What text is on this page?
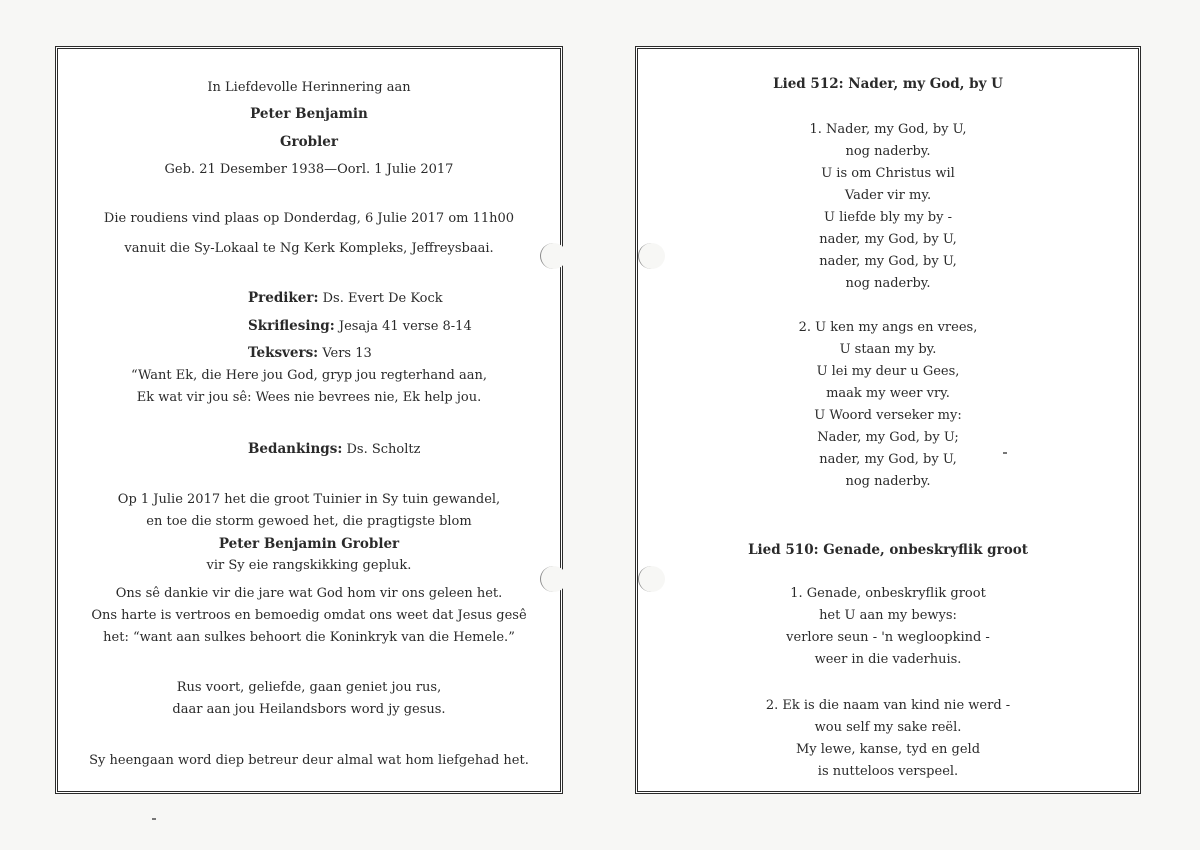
In Liefdevolle Herinnering aan
Peter Benjamin
Grobler
Geb. 21 Desember 1938—Oorl. 1 Julie 2017
Die roudiens vind plaas op Donderdag, 6 Julie 2017 om 11h00
vanuit die Sy-Lokaal te Ng Kerk Kompleks, Jeffreysbaai.
Prediker: Ds. Evert De Kock
Skriflesing: Jesaja 41 verse 8-14
Teksvers: Vers 13
“Want Ek, die Here jou God, gryp jou regterhand aan,
Ek wat vir jou sê: Wees nie bevrees nie, Ek help jou.
Bedankings: Ds. Scholtz
Op 1 Julie 2017 het die groot Tuinier in Sy tuin gewandel,
en toe die storm gewoed het, die pragtigste blom
Peter Benjamin Grobler
vir Sy eie rangskikking gepluk.
Ons sê dankie vir die jare wat God hom vir ons geleen het.
Ons harte is vertroos en bemoedig omdat ons weet dat Jesus gesê
het: “want aan sulkes behoort die Koninkryk van die Hemele.”
Rus voort, geliefde, gaan geniet jou rus,
daar aan jou Heilandsbors word jy gesus.
Sy heengaan word diep betreur deur almal wat hom liefgehad het.
Lied 512: Nader, my God, by U
1. Nader, my God, by U,
nog naderby.
U is om Christus wil
Vader vir my.
U liefde bly my by -
nader, my God, by U,
nader, my God, by U,
nog naderby.
2. U ken my angs en vrees,
U staan my by.
U lei my deur u Gees,
maak my weer vry.
U Woord verseker my:
Nader, my God, by U;
nader, my God, by U,
nog naderby.
Lied 510: Genade, onbeskryflik groot
1. Genade, onbeskryflik groot
het U aan my bewys:
verlore seun - 'n wegloopkind -
weer in die vaderhuis.
2. Ek is die naam van kind nie werd -
wou self my sake reël.
My lewe, kanse, tyd en geld
is nutteloos verspeel.
